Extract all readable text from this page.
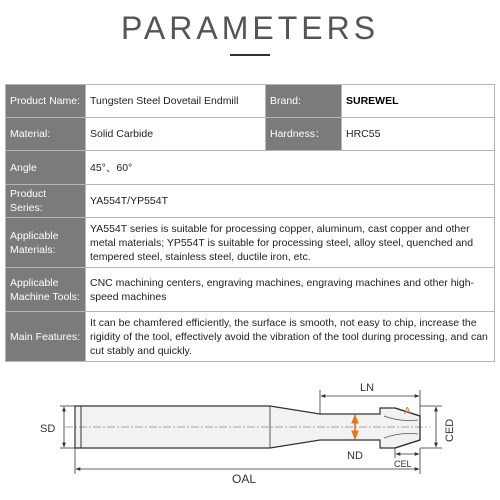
PARAMETERS
Product Name:	Tungsten Steel Dovetail Endmill	Brand:	SUREWEL
Material:	Solid Carbide	Hardness：	HRC55
Angle	45°、60°		
Product Series:	YA554T/YP554T		
Applicable Materials:	YA554T series is suitable for processing copper, aluminum, cast copper and other metal materials; YP554T is suitable for processing steel, alloy steel, quenched and tempered steel, stainless steel, ductile iron, etc.		
Applicable Machine Tools:	CNC machining centers, engraving machines, engraving machines and other high-speed machines		
Main Features:	It can be chamfered efficiently, the surface is smooth, not easy to chip, increase the rigidity of the tool, effectively avoid the vibration of the tool during processing, and can cut stably and quickly.		
SD
LN
ND
A
CED
CEL
OAL
